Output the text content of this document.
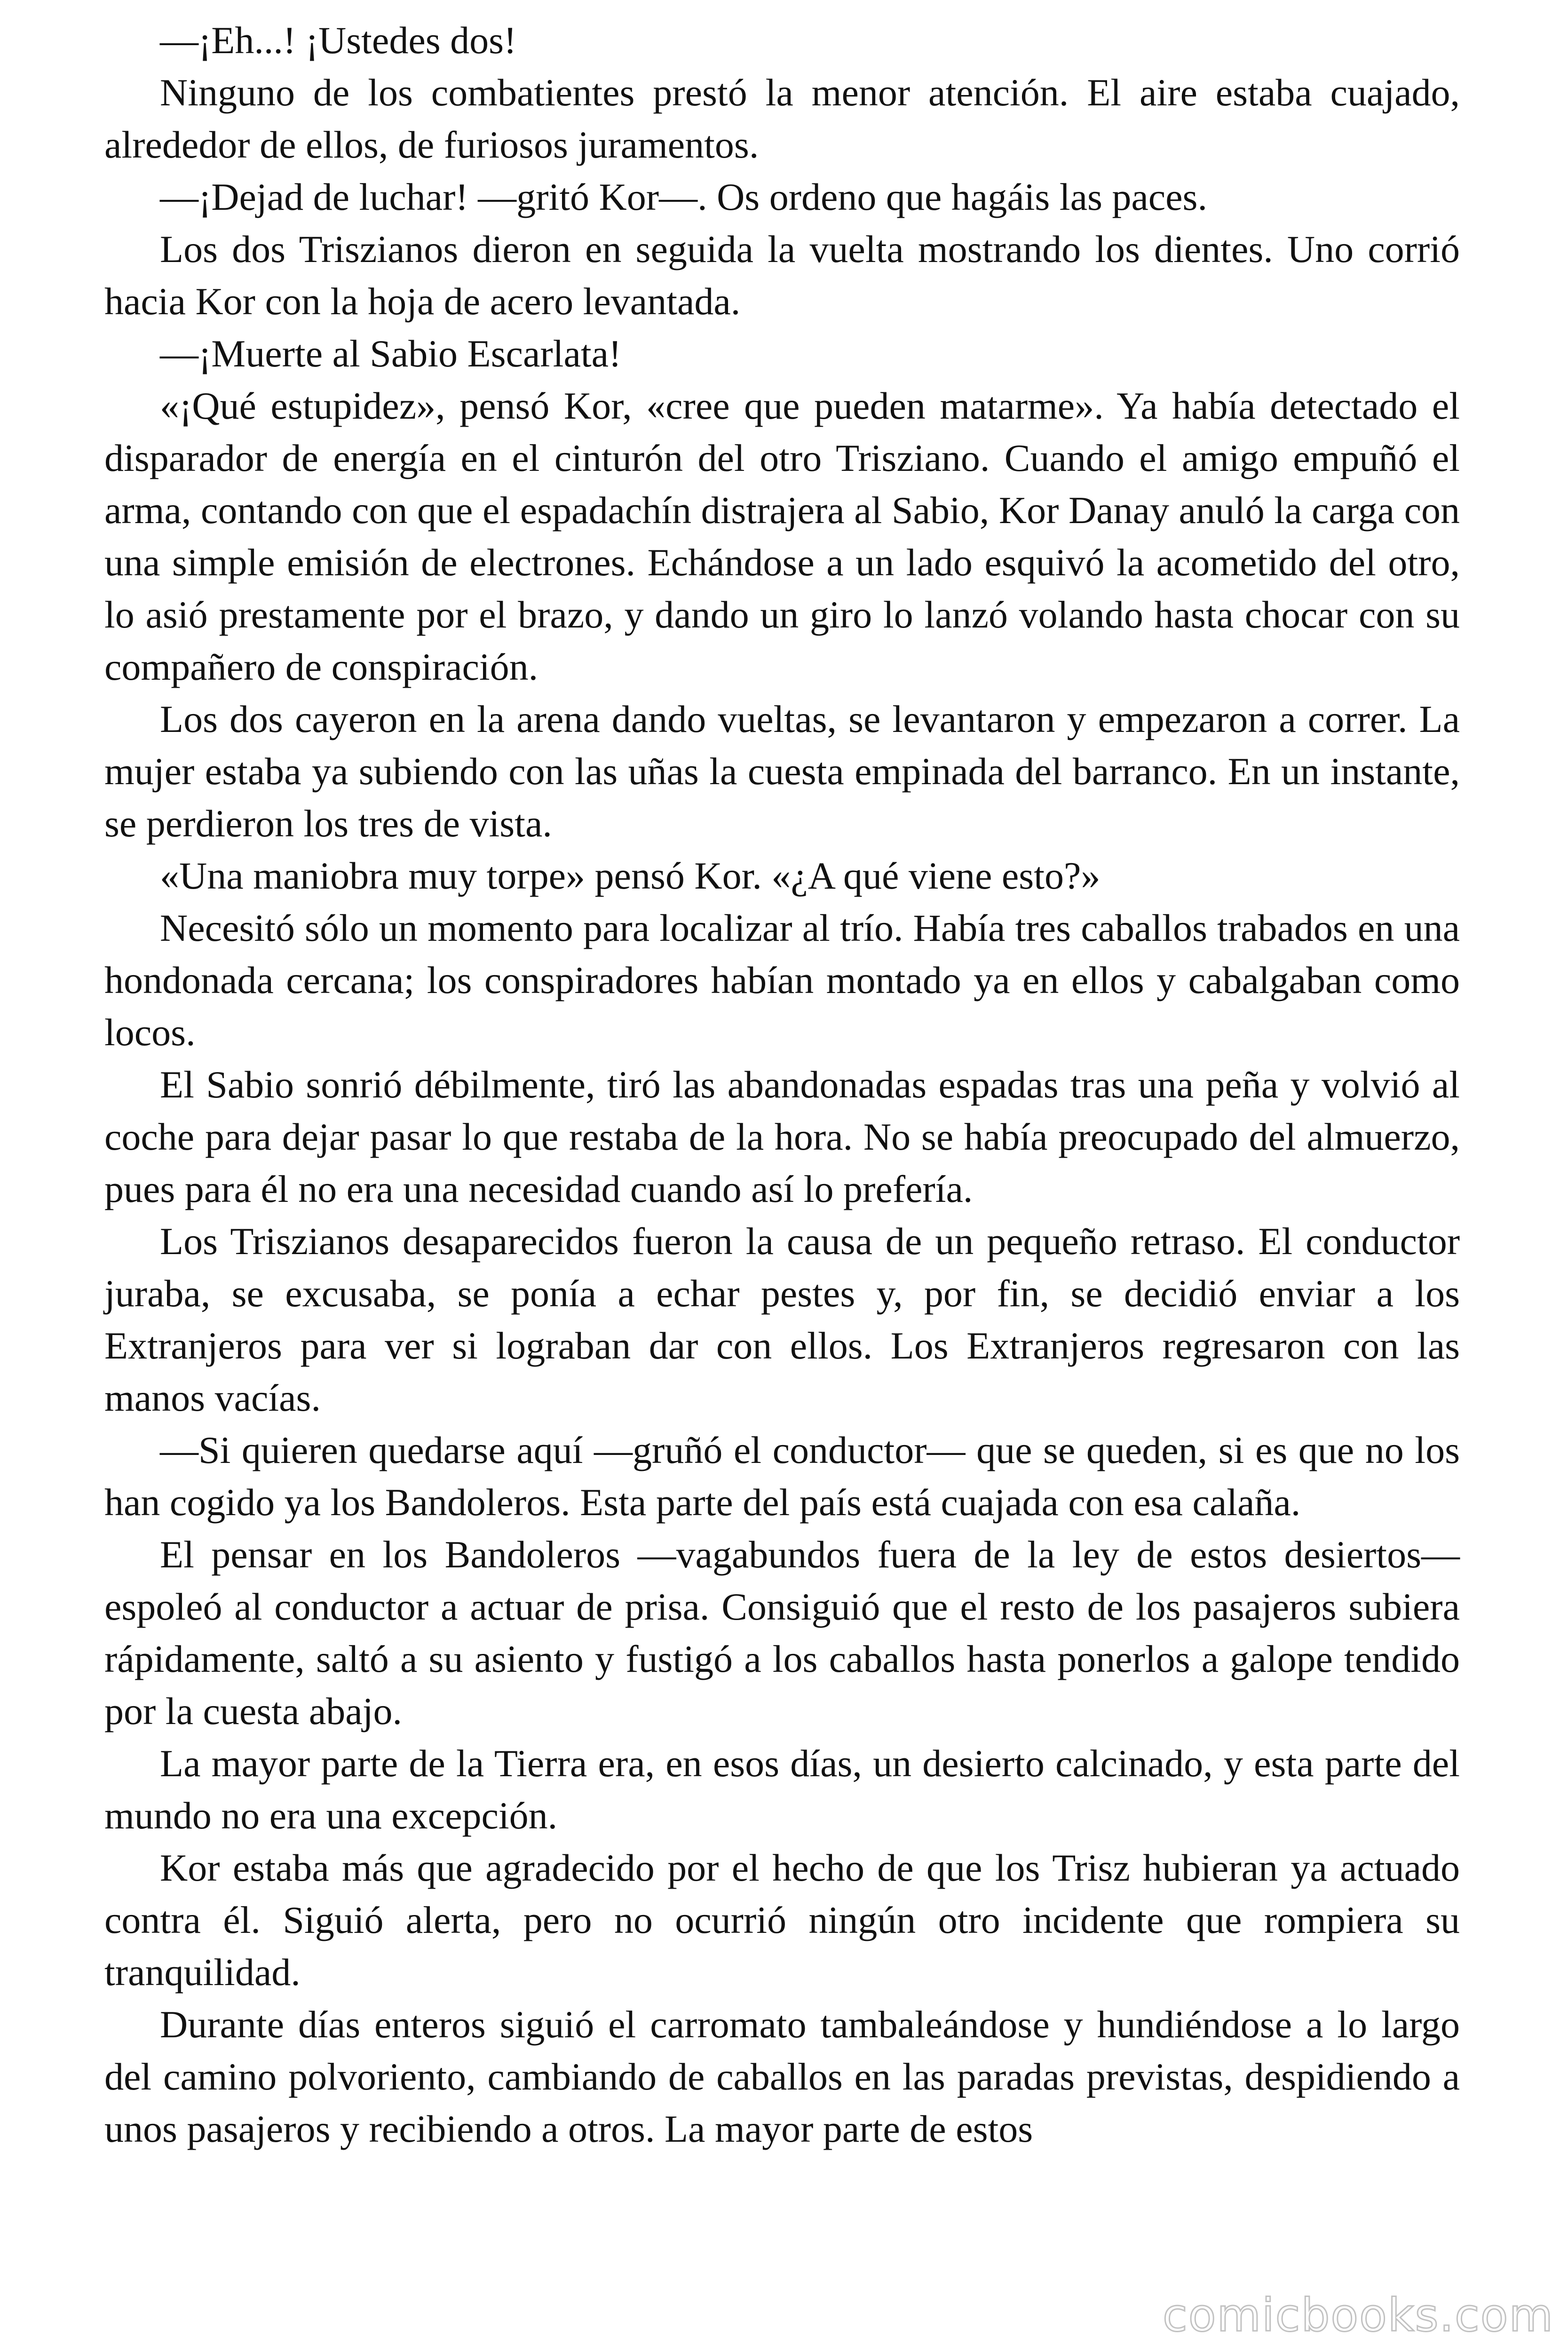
—¡Eh...! ¡Ustedes dos!

Ninguno de los combatientes prestó la menor atención. El aire estaba cuajado, alrededor de ellos, de furiosos juramentos.

—¡Dejad de luchar! —gritó Kor—. Os ordeno que hagáis las paces.

Los dos Triszianos dieron en seguida la vuelta mostrando los dientes. Uno corrió hacia Kor con la hoja de acero levantada.

—¡Muerte al Sabio Escarlata!

«¡Qué estupidez», pensó Kor, «cree que pueden matarme». Ya había detectado el disparador de energía en el cinturón del otro Trisziano. Cuando el amigo empuñó el arma, contando con que el espadachín distrajera al Sabio, Kor Danay anuló la carga con una simple emisión de electrones. Echándose a un lado esquivó la acometido del otro, lo asió prestamente por el brazo, y dando un giro lo lanzó volando hasta chocar con su compañero de conspiración.

Los dos cayeron en la arena dando vueltas, se levantaron y empezaron a correr. La mujer estaba ya subiendo con las uñas la cuesta empinada del barranco. En un instante, se perdieron los tres de vista.

«Una maniobra muy torpe» pensó Kor. «¿A qué viene esto?»

Necesitó sólo un momento para localizar al trío. Había tres caballos trabados en una hondonada cercana; los conspiradores habían montado ya en ellos y cabalgaban como locos.

El Sabio sonrió débilmente, tiró las abandonadas espadas tras una peña y volvió al coche para dejar pasar lo que restaba de la hora. No se había preocupado del almuerzo, pues para él no era una necesidad cuando así lo prefería.

Los Triszianos desaparecidos fueron la causa de un pequeño retraso. El conductor juraba, se excusaba, se ponía a echar pestes y, por fin, se decidió enviar a los Extranjeros para ver si lograban dar con ellos. Los Extranjeros regresaron con las manos vacías.

—Si quieren quedarse aquí —gruñó el conductor— que se queden, si es que no los han cogido ya los Bandoleros. Esta parte del país está cuajada con esa calaña.

El pensar en los Bandoleros —vagabundos fuera de la ley de estos desiertos— espoleó al conductor a actuar de prisa. Consiguió que el resto de los pasajeros subiera rápidamente, saltó a su asiento y fustigó a los caballos hasta ponerlos a galope tendido por la cuesta abajo.

La mayor parte de la Tierra era, en esos días, un desierto calcinado, y esta parte del mundo no era una excepción.

Kor estaba más que agradecido por el hecho de que los Trisz hubieran ya actuado contra él. Siguió alerta, pero no ocurrió ningún otro incidente que rompiera su tranquilidad.

Durante días enteros siguió el carromato tambaleándose y hundiéndose a lo largo del camino polvoriento, cambiando de caballos en las paradas previstas, despidiendo a unos pasajeros y recibiendo a otros. La mayor parte de estos

comicbooks.com
